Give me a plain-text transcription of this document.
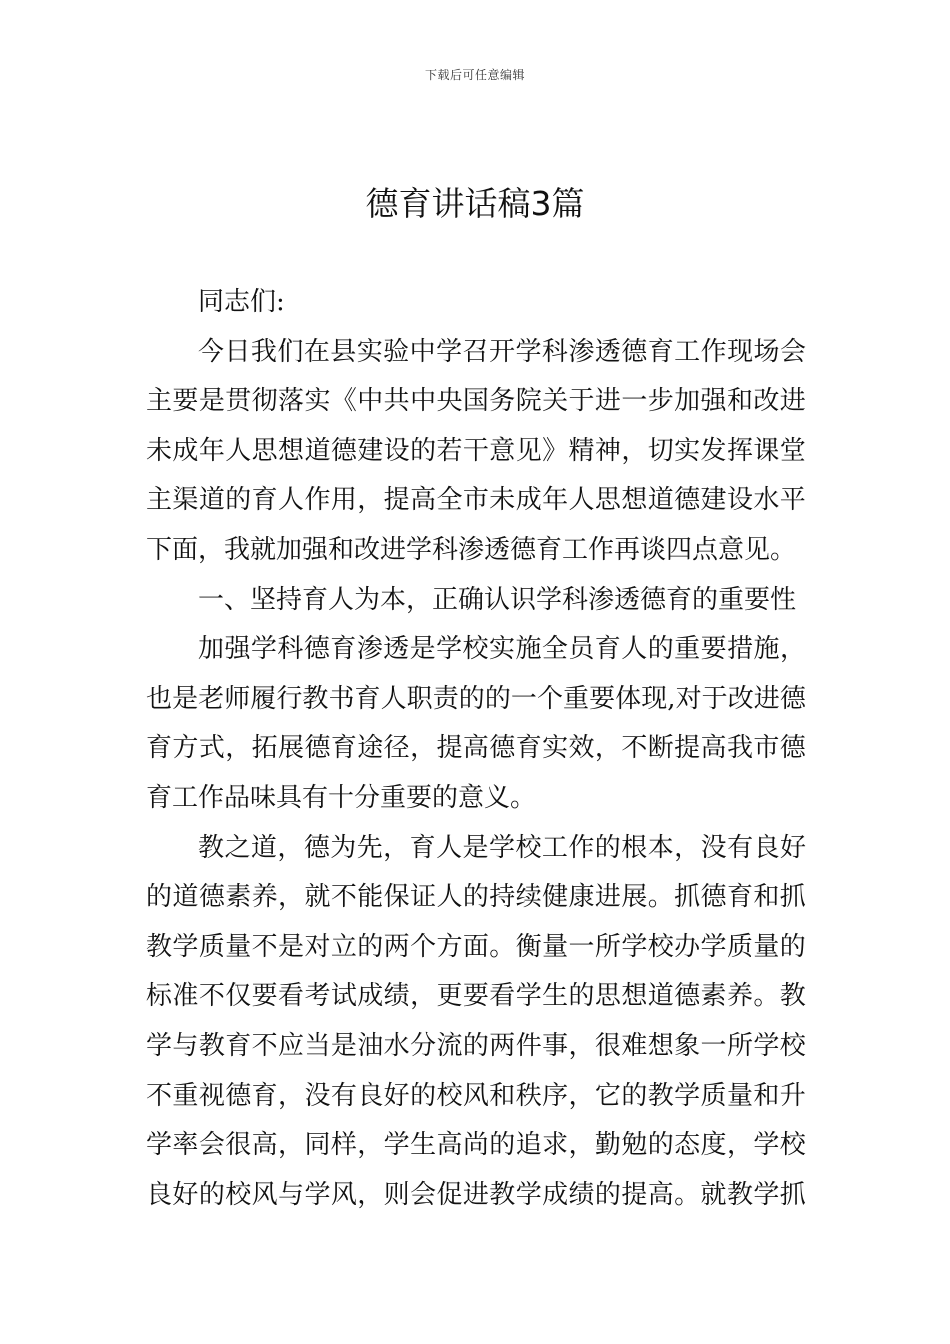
下载后可任意编辑
德育讲话稿3篇
同志们:
今 日 我 们 在 县 实 验 中 学 召 开 学 科 渗 透 德 育 工 作 现 场 会
主 要 是 贯 彻 落 实 《 中 共 中 央 国 务 院 关 于 进 一 步 加 强 和 改 进
未 成 年 人 思 想 道 德 建 设 的 若 干 意 见 》 精 神 ， 切 实 发 挥 课 堂
主 渠 道 的 育 人 作 用 ， 提 高 全 市 未 成 年 人 思 想 道 德 建 设 水 平
下面，我就加强和改进学科渗透德育工作再谈四点意见。
一、坚持育人为本，正确认识学科渗透德育的重要性
加 强 学 科 德 育 渗 透 是 学 校 实 施 全 员 育 人 的 重 要 措 施 ，
也 是 老 师 履 行 教 书 育 人 职 责 的 的 一 个 重 要 体 现 , 对 于 改 进 德
育 方 式 ， 拓 展 德 育 途 径 ， 提 高 德 育 实 效 ， 不 断 提 高 我 市 德
育工作品味具有十分重要的意义。
教 之 道 ， 德 为 先 ， 育 人 是 学 校 工 作 的 根 本 ， 没 有 良 好
的 道 德 素 养 ， 就 不 能 保 证 人 的 持 续 健 康 进 展 。 抓 德 育 和 抓
教 学 质 量 不 是 对 立 的 两 个 方 面 。 衡 量 一 所 学 校 办 学 质 量 的
标 准 不 仅 要 看 考 试 成 绩 ， 更 要 看 学 生 的 思 想 道 德 素 养 。 教
学 与 教 育 不 应 当 是 油 水 分 流 的 两 件 事 ， 很 难 想 象 一 所 学 校
不 重 视 德 育 ， 没 有 良 好 的 校 风 和 秩 序 ， 它 的 教 学 质 量 和 升
学 率 会 很 高 ， 同 样 ， 学 生 高 尚 的 追 求 ， 勤 勉 的 态 度 ， 学 校
良 好 的 校 风 与 学 风 ， 则 会 促 进 教 学 成 绩 的 提 高 。 就 教 学 抓
